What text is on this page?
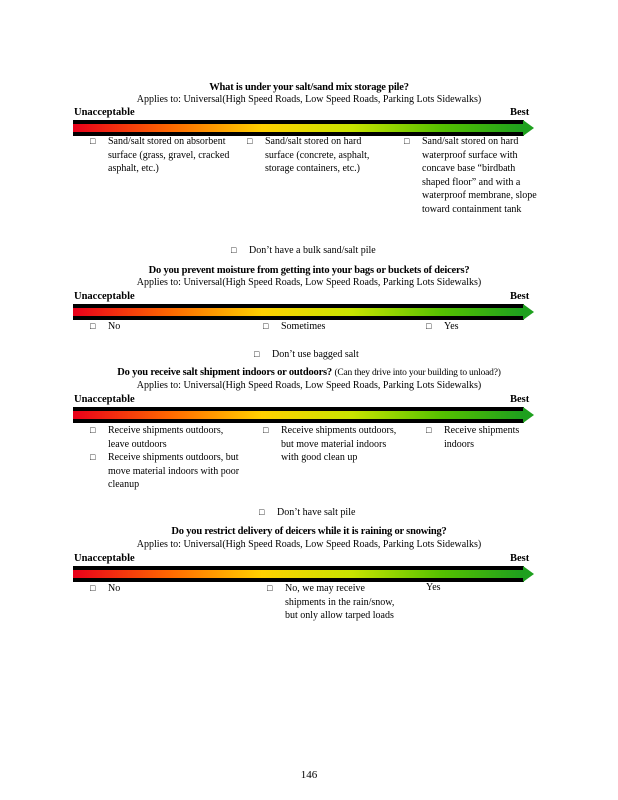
What is under your salt/sand mix storage pile?
Applies to: Universal(High Speed Roads, Low Speed Roads, Parking Lots Sidewalks)
Unacceptable	Best
□	Sand/salt stored on absorbent surface (grass, gravel, cracked asphalt, etc.)
□	Sand/salt stored on hard surface (concrete, asphalt, storage containers, etc.)
□	Sand/salt stored on hard waterproof surface with concave base “birdbath shaped floor” and with a waterproof membrane, slope toward containment tank
□	Don’t have a bulk sand/salt pile
Do you prevent moisture from getting into your bags or buckets of deicers?
Applies to: Universal(High Speed Roads, Low Speed Roads, Parking Lots Sidewalks)
Unacceptable	Best
□	No	□	Sometimes	□	Yes
□	Don’t use bagged salt
Do you receive salt shipment indoors or outdoors? (Can they drive into your building to unload?)
Applies to: Universal(High Speed Roads, Low Speed Roads, Parking Lots Sidewalks)
Unacceptable	Best
□	Receive shipments outdoors, leave outdoors
□	Receive shipments outdoors, but move material indoors with poor cleanup
□	Receive shipments outdoors, but move material indoors with good clean up
□	Receive shipments indoors
□	Don’t have salt pile
Do you restrict delivery of deicers while it is raining or snowing?
Applies to: Universal(High Speed Roads, Low Speed Roads, Parking Lots Sidewalks)
Unacceptable	Best
□	No	□	No, we may receive shipments in the rain/snow, but only allow tarped loads
Yes
146
